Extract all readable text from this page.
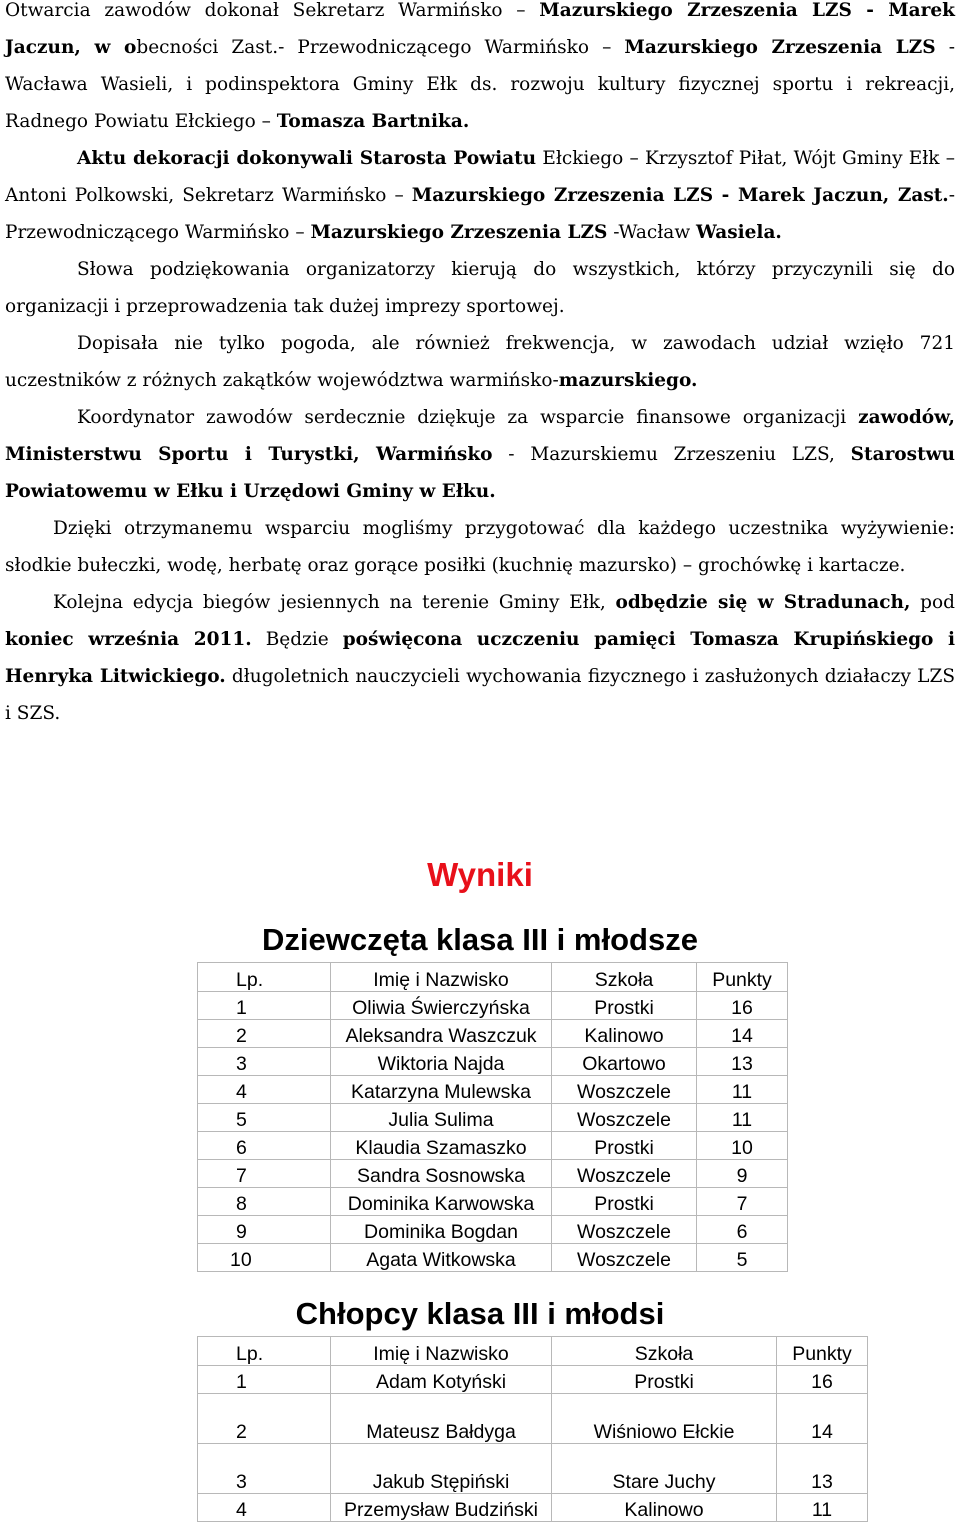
Otwarcia zawodów dokonał Sekretarz Warmińsko – Mazurskiego Zrzeszenia LZS - Marek Jaczun, w obecności Zast.- Przewodniczącego Warmińsko – Mazurskiego Zrzeszenia LZS - Wacława Wasieli, i podinspektora Gminy Ełk ds. rozwoju kultury fizycznej sportu i rekreacji, Radnego Powiatu Ełckiego – Tomasza Bartnika.

Aktu dekoracji dokonywali Starosta Powiatu Ełckiego – Krzysztof Piłat, Wójt Gminy Ełk – Antoni Polkowski, Sekretarz Warmińsko – Mazurskiego Zrzeszenia LZS - Marek Jaczun, Zast.- Przewodniczącego Warmińsko – Mazurskiego Zrzeszenia LZS -Wacław Wasiela.

Słowa podziękowania organizatorzy kierują do wszystkich, którzy przyczynili się do organizacji i przeprowadzenia tak dużej imprezy sportowej.

Dopisała nie tylko pogoda, ale również frekwencja, w zawodach udział wzięło 721 uczestników z różnych zakątków województwa warmińsko-mazurskiego.

Koordynator zawodów serdecznie dziękuje za wsparcie finansowe organizacji zawodów, Ministerstwu Sportu i Turystki, Warmińsko - Mazurskiemu Zrzeszeniu LZS, Starostwu Powiatowemu w Ełku i Urzędowi Gminy w Ełku.

Dzięki otrzymanemu wsparciu mogliśmy przygotować dla każdego uczestnika wyżywienie: słodkie bułeczki, wodę, herbatę oraz gorące posiłki (kuchnię mazursko) – grochówkę i kartacze.

Kolejna edycja biegów jesiennych na terenie Gminy Ełk, odbędzie się w Stradunach, pod koniec września 2011. Będzie poświęcona uczczeniu pamięci Tomasza Krupińskiego i Henryka Litwickiego. długoletnich nauczycieli wychowania fizycznego i zasłużonych działaczy LZS i SZS.

Wyniki
Dziewczęta klasa III i młodsze
Lp.	Imię i Nazwisko	Szkoła	Punkty
1	Oliwia Świerczyńska	Prostki	16
2	Aleksandra Waszczuk	Kalinowo	14
3	Wiktoria Najda	Okartowo	13
4	Katarzyna Mulewska	Woszczele	11
5	Julia Sulima	Woszczele	11
6	Klaudia Szamaszko	Prostki	10
7	Sandra Sosnowska	Woszczele	9
8	Dominika Karwowska	Prostki	7
9	Dominika Bogdan	Woszczele	6
10	Agata Witkowska	Woszczele	5
Chłopcy klasa III i młodsi
Lp.	Imię i Nazwisko	Szkoła	Punkty
1	Adam Kotyński	Prostki	16
2	Mateusz Bałdyga	Wiśniowo Ełckie	14
3	Jakub Stępiński	Stare Juchy	13
4	Przemysław Budziński	Kalinowo	11
